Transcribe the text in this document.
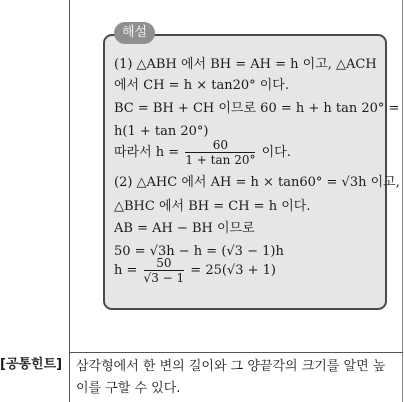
해설
(1) △ABH 에서 BH = AH = h 이고, △ACH
에서 CH = h × tan20° 이다.
BC = BH + CH 이므로 60 = h + h tan 20° =
h(1 + tan 20°)
따라서 $h = \frac{60}{1 + \tan 20^\circ}$ 이다.
(2) △AHC 에서 AH = h × tan60° = √3h 이고,
△BHC 에서 BH = CH = h 이다.
AB = AH − BH 이므로
50 = √3h − h = (√3 − 1)h
$h = \frac{50}{√3 - 1} = 25(√3 + 1)$
[공통힌트] 삼각형에서 한 변의 길이와 그 양끝각의 크기를 알면 높이를 구할 수 있다.
